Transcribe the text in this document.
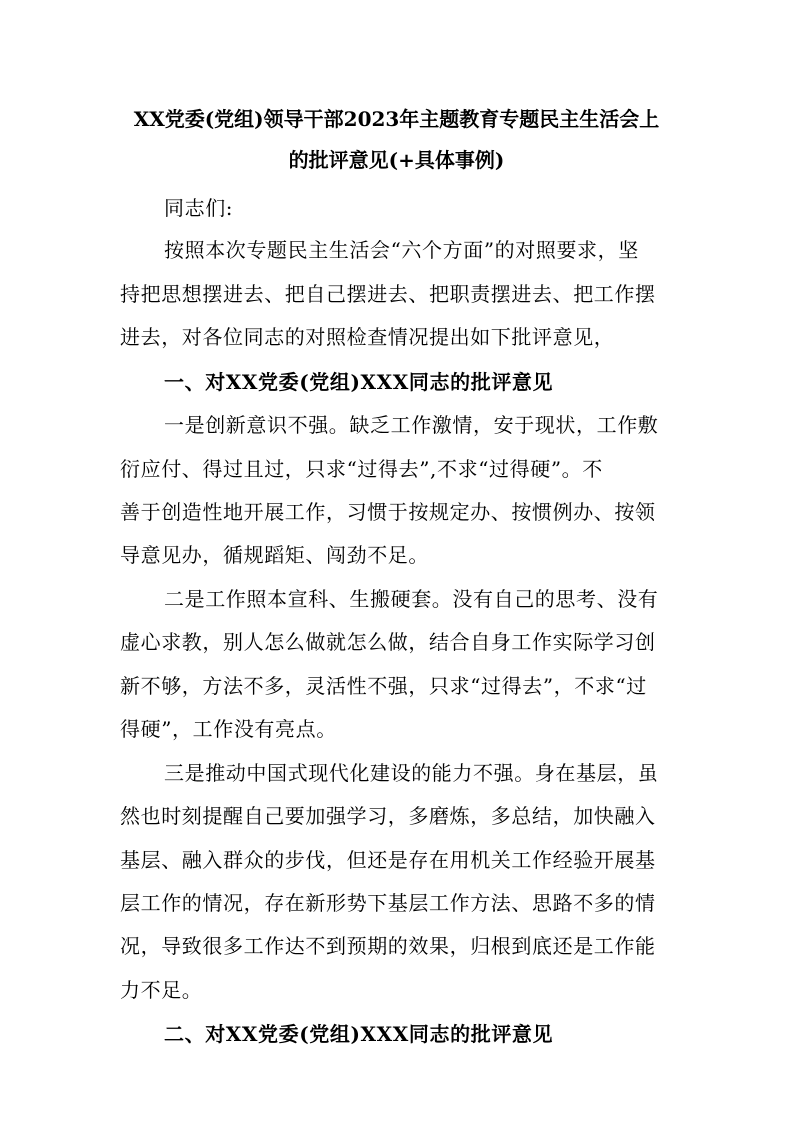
XX党委(党组)领导干部2023年主题教育专题民主生活会上
的批评意见(+具体事例)
同志们:
按照本次专题民主生活会“六个方面”的对照要求，坚
持把思想摆进去、把自己摆进去、把职责摆进去、把工作摆
进去，对各位同志的对照检查情况提出如下批评意见，
一、对XX党委(党组)XXX同志的批评意见
一是创新意识不强。缺乏工作激情，安于现状，工作敷
衍应付、得过且过，只求“过得去”,不求“过得硬”。不
善于创造性地开展工作，习惯于按规定办、按惯例办、按领
导意见办，循规蹈矩、闯劲不足。
二是工作照本宣科、生搬硬套。没有自己的思考、没有
虚心求教，别人怎么做就怎么做，结合自身工作实际学习创
新不够，方法不多，灵活性不强，只求“过得去”，不求“过
得硬”，工作没有亮点。
三是推动中国式现代化建设的能力不强。身在基层，虽
然也时刻提醒自己要加强学习，多磨炼，多总结，加快融入
基层、融入群众的步伐，但还是存在用机关工作经验开展基
层工作的情况，存在新形势下基层工作方法、思路不多的情
况，导致很多工作达不到预期的效果，归根到底还是工作能
力不足。
二、对XX党委(党组)XXX同志的批评意见
